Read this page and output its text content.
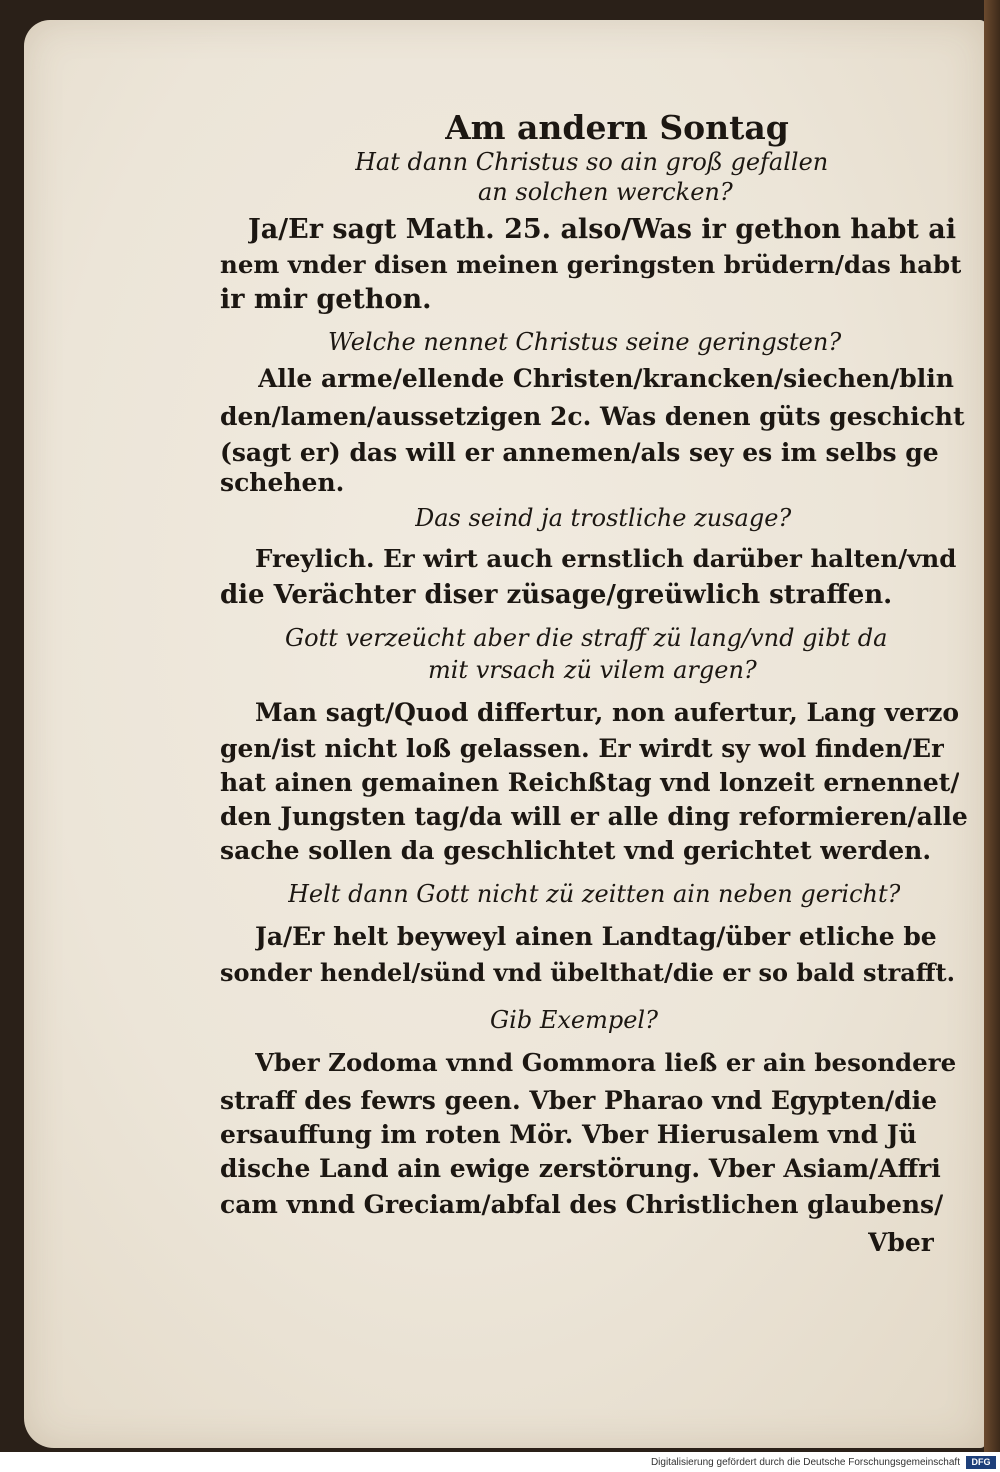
Am andern Sontag
Hat dann Christus so ain groß gefallen
an solchen wercken?
Ja/Er sagt Math. 25. also/Was ir gethon habt ai
nem vnder disen meinen geringsten brüdern/das habt
ir mir gethon.
Welche nennet Christus seine geringsten?
Alle arme/ellende Christen/krancken/siechen/blin
den/lamen/aussetzigen 2c. Was denen güts geschicht
(sagt er) das will er annemen/als sey es im selbs ge
schehen.
Das seind ja trostliche zusage?
Freylich. Er wirt auch ernstlich darüber halten/vnd
die Verächter diser züsage/greüwlich straffen.
Gott verzeücht aber die straff zü lang/vnd gibt da
mit vrsach zü vilem argen?
Man sagt/Quod differtur, non aufertur, Lang verzo
gen/ist nicht loß gelassen. Er wirdt sy wol finden/Er
hat ainen gemainen Reichßtag vnd lonzeit ernennet/
den Jungsten tag/da will er alle ding reformieren/alle
sache sollen da geschlichtet vnd gerichtet werden.
Helt dann Gott nicht zü zeitten ain neben gericht?
Ja/Er helt beyweyl ainen Landtag/über etliche be
sonder hendel/sünd vnd übelthat/die er so bald strafft.
Gib Exempel?
Vber Zodoma vnnd Gommora ließ er ain besondere
straff des fewrs geen. Vber Pharao vnd Egypten/die
ersauffung im roten Mör. Vber Hierusalem vnd Jü
dische Land ain ewige zerstörung. Vber Asiam/Affri
cam vnnd Greciam/abfal des Christlichen glaubens/
Vber
Digitalisierung gefördert durch die Deutsche Forschungsgemeinschaft	DFG
